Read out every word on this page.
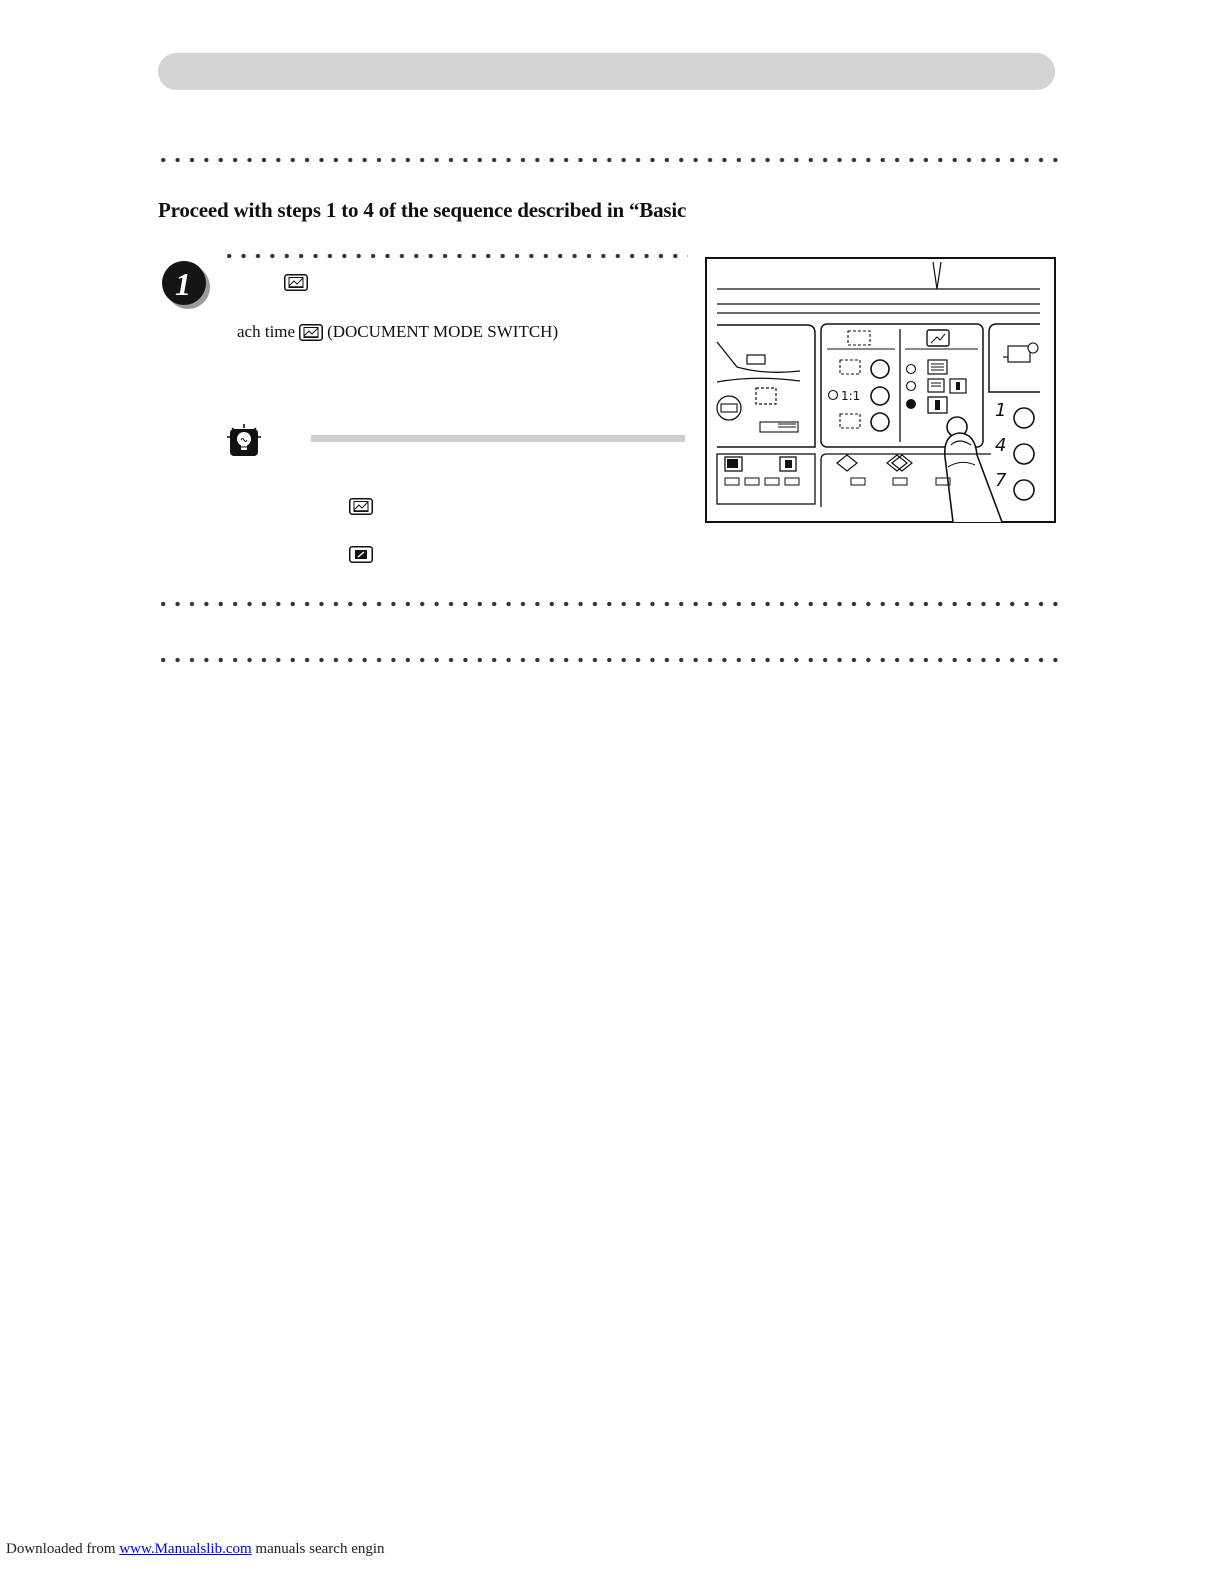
Proceed with steps 1 to 4 of the sequence described in “Basic

1

ach time (DOCUMENT MODE SWITCH)

1:1
1
4
7

Downloaded from www.Manualslib.com manuals search engin
